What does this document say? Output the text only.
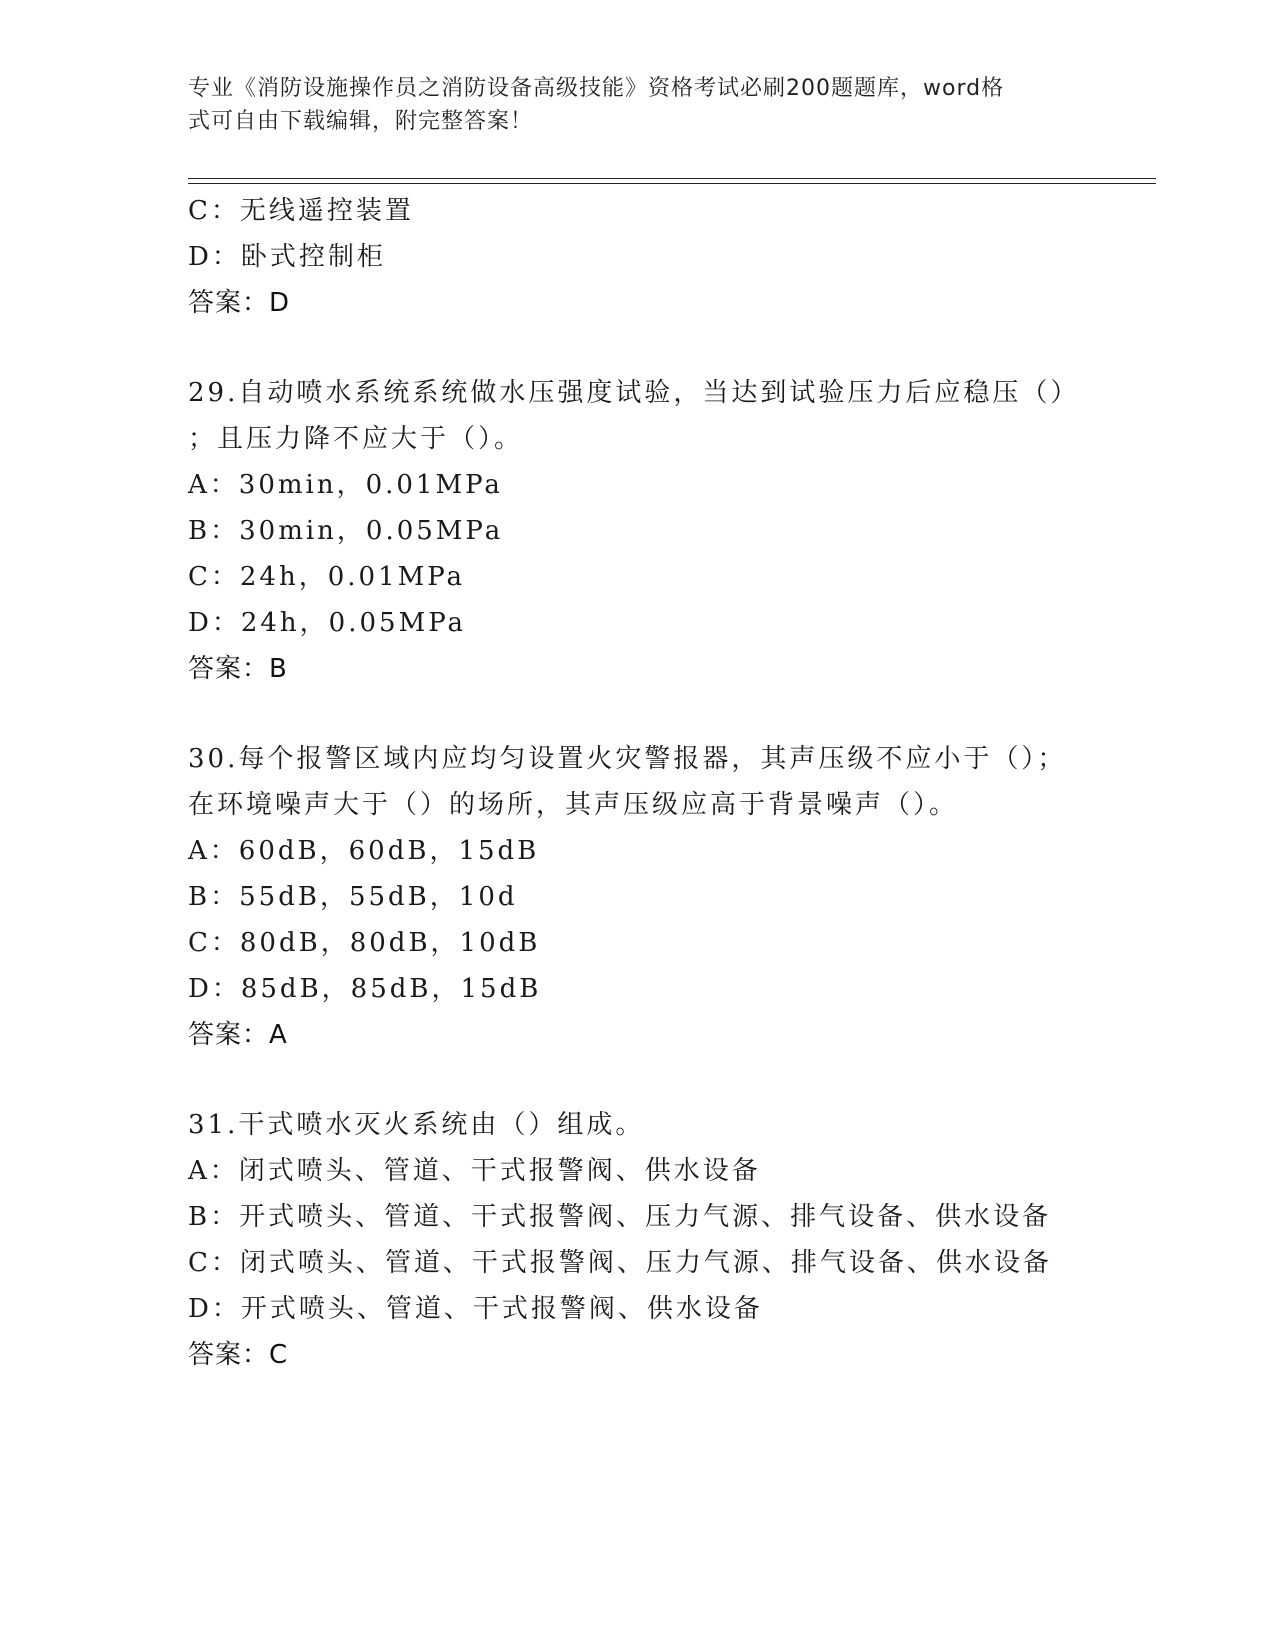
专业《消防设施操作员之消防设备高级技能》资格考试必刷200题题库，word格
式可自由下载编辑，附完整答案！
C：无线遥控装置
D：卧式控制柜
答案：D
29.自动喷水系统系统做水压强度试验，当达到试验压力后应稳压（）
；且压力降不应大于（）。
A：30min，0.01MPa
B：30min，0.05MPa
C：24h，0.01MPa
D：24h，0.05MPa
答案：B
30.每个报警区域内应均匀设置火灾警报器，其声压级不应小于（）；
在环境噪声大于（）的场所，其声压级应高于背景噪声（）。
A：60dB，60dB，15dB
B：55dB，55dB，10d
C：80dB，80dB，10dB
D：85dB，85dB，15dB
答案：A
31.干式喷水灭火系统由（）组成。
A：闭式喷头、管道、干式报警阀、供水设备
B：开式喷头、管道、干式报警阀、压力气源、排气设备、供水设备
C：闭式喷头、管道、干式报警阀、压力气源、排气设备、供水设备
D：开式喷头、管道、干式报警阀、供水设备
答案：C
